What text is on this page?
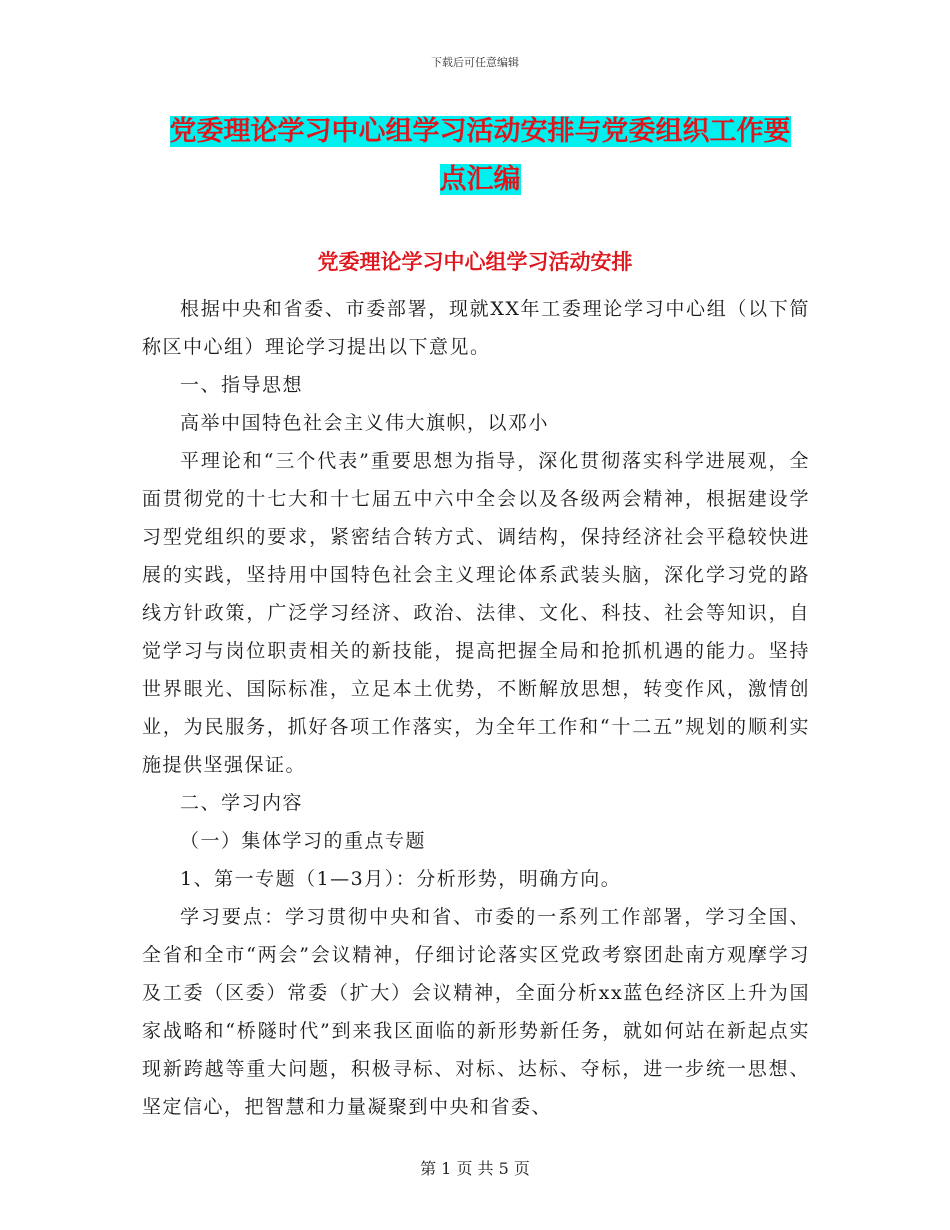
下载后可任意编辑
党委理论学习中心组学习活动安排与党委组织工作要
点汇编
党委理论学习中心组学习活动安排

根据中央和省委、市委部署，现就XX年工委理论学习中心组（以下简称区中心组）理论学习提出以下意见。

一、指导思想

高举中国特色社会主义伟大旗帜，以邓小

平理论和“三个代表”重要思想为指导，深化贯彻落实科学进展观，全面贯彻党的十七大和十七届五中六中全会以及各级两会精神，根据建设学习型党组织的要求，紧密结合转方式、调结构，保持经济社会平稳较快进展的实践，坚持用中国特色社会主义理论体系武装头脑，深化学习党的路线方针政策，广泛学习经济、政治、法律、文化、科技、社会等知识，自觉学习与岗位职责相关的新技能，提高把握全局和抢抓机遇的能力。坚持世界眼光、国际标准，立足本土优势，不断解放思想，转变作风，激情创业，为民服务，抓好各项工作落实，为全年工作和“十二五”规划的顺利实施提供坚强保证。

二、学习内容

（一）集体学习的重点专题

1、第一专题（1—3月）：分析形势，明确方向。

学习要点：学习贯彻中央和省、市委的一系列工作部署，学习全国、全省和全市“两会”会议精神，仔细讨论落实区党政考察团赴南方观摩学习及工委（区委）常委（扩大）会议精神，全面分析xx蓝色经济区上升为国家战略和“桥隧时代”到来我区面临的新形势新任务，就如何站在新起点实现新跨越等重大问题，积极寻标、对标、达标、夺标，进一步统一思想、坚定信心，把智慧和力量凝聚到中央和省委、

第 1 页 共 5 页
